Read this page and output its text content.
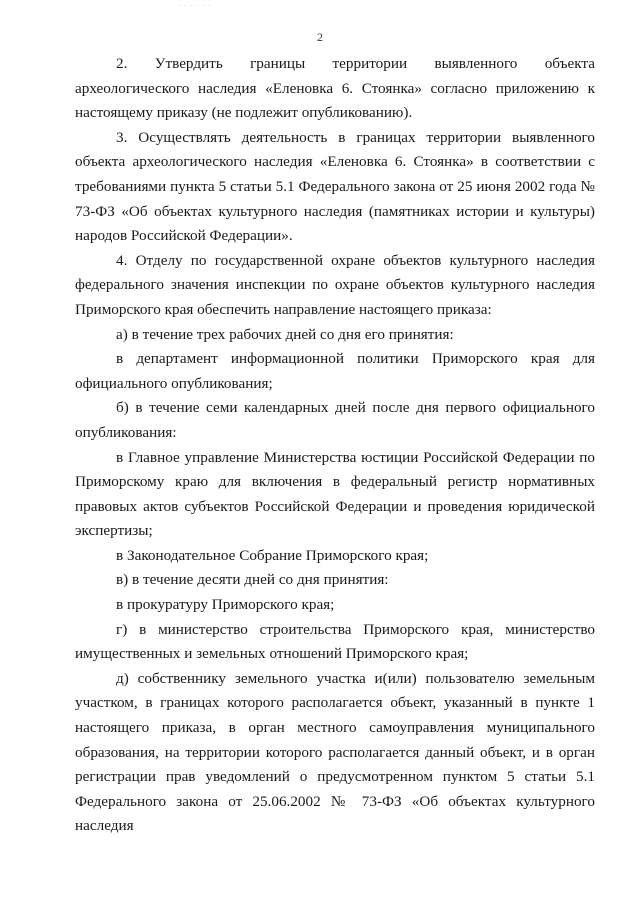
· · · · · ·
2

2. Утвердить границы территории выявленного объекта археологического наследия «Еленовка 6. Стоянка» согласно приложению к настоящему приказу (не подлежит опубликованию).

3. Осуществлять деятельность в границах территории выявленного объекта археологического наследия «Еленовка 6. Стоянка» в соответствии с требованиями пункта 5 статьи 5.1 Федерального закона от 25 июня 2002 года № 73-ФЗ «Об объектах культурного наследия (памятниках истории и культуры) народов Российской Федерации».

4. Отделу по государственной охране объектов культурного наследия федерального значения инспекции по охране объектов культурного наследия Приморского края обеспечить направление настоящего приказа:

а) в течение трех рабочих дней со дня его принятия:

в департамент информационной политики Приморского края для официального опубликования;

б) в течение семи календарных дней после дня первого официального опубликования:

в Главное управление Министерства юстиции Российской Федерации по Приморскому краю для включения в федеральный регистр нормативных правовых актов субъектов Российской Федерации и проведения юридической экспертизы;

в Законодательное Собрание Приморского края;

в) в течение десяти дней со дня принятия:

в прокуратуру Приморского края;

г) в министерство строительства Приморского края, министерство имущественных и земельных отношений Приморского края;

д) собственнику земельного участка и(или) пользователю земельным участком, в границах которого располагается объект, указанный в пункте 1 настоящего приказа, в орган местного самоуправления муниципального образования, на территории которого располагается данный объект, и в орган регистрации прав уведомлений о предусмотренном пунктом 5 статьи 5.1 Федерального закона от 25.06.2002 № 73-ФЗ «Об объектах культурного наследия
